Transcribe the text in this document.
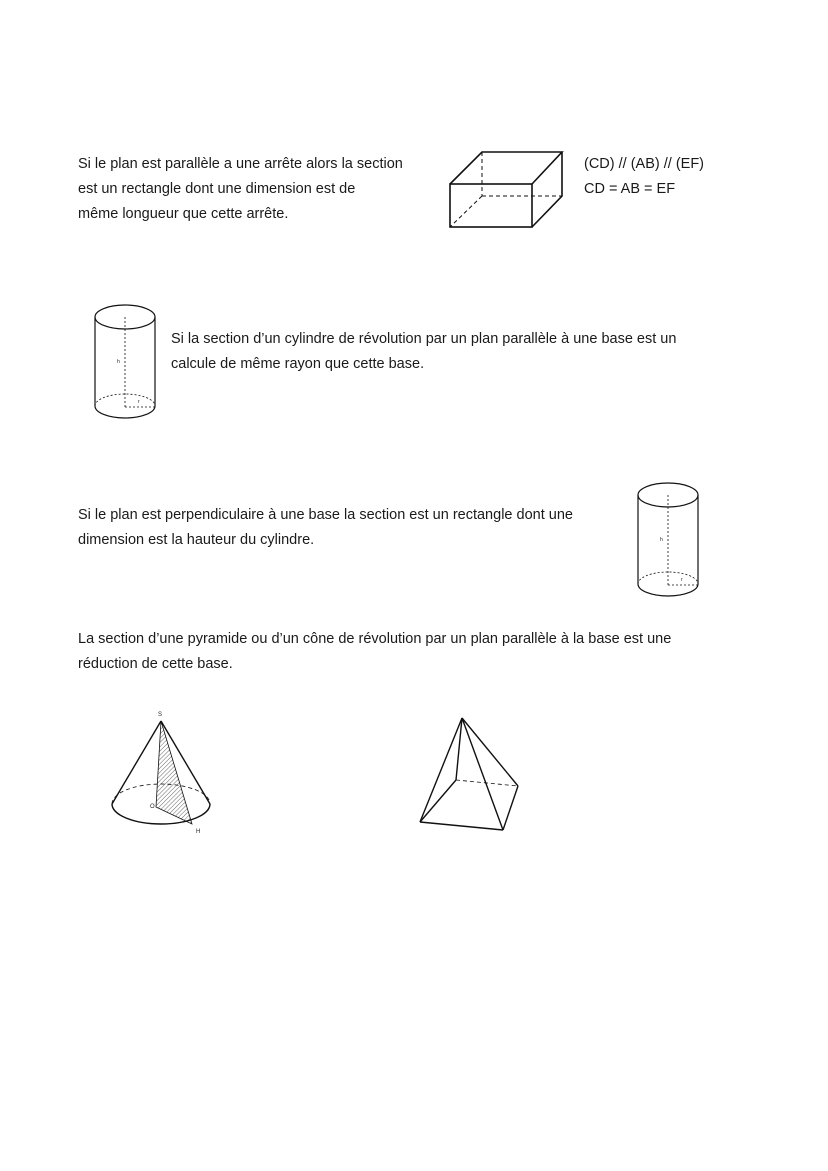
Si le plan est parallèle a une arrête alors la section
est un rectangle dont une dimension est de
même longueur que cette arrête.

(CD) // (AB) // (EF)
CD = AB = EF
h
r

Si la section d’un cylindre de révolution par un plan parallèle à une base est un
calcule de même rayon que cette base.

Si le plan est perpendiculaire à une base la section est un rectangle dont une
dimension est la hauteur du cylindre.	h
r

La section d’une pyramide ou d’un cône de révolution par un plan parallèle à la base est une
réduction de cette base.

S
O
H
